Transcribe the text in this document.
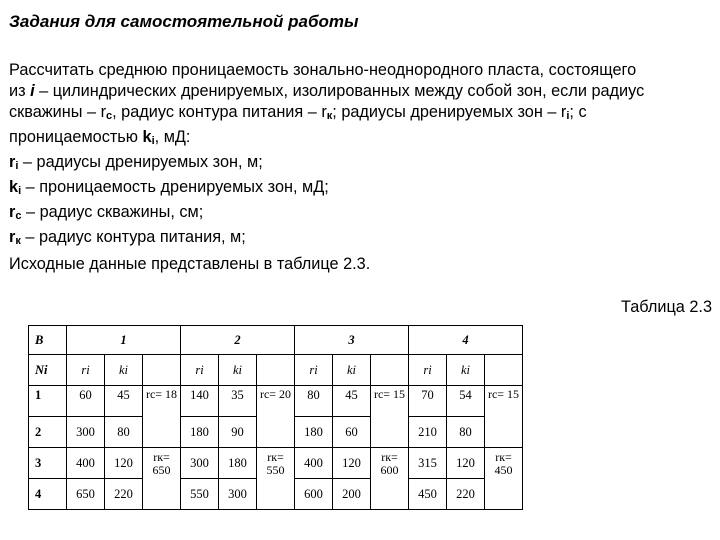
Задания для самостоятельной работы
Рассчитать среднюю проницаемость зонально-неоднородного пласта, состоящего
из i – цилиндрических дренируемых, изолированных между собой зон, если радиус
скважины – $r_c$, радиус контура питания – $r_к$; радиусы дренируемых зон – $r_i$; с
проницаемостью $k_i$, мД:
$r_i$ – радиусы дренируемых зон, м;
$k_i$ – проницаемость дренируемых зон, мД;
$r_c$ – радиус скважины, см;
$r_к$ – радиус контура питания, м;
Исходные данные представлены в таблице 2.3.
Таблица 2.3
В	1			2			3			4		
Ni	ri	ki		ri	ki		ri	ki		ri	ki	
1	60	45	rc= 18	140	35	rc= 20	80	45	rc= 15	70	54	rc= 15
2	300	80		180	90		180	60		210	80	
3	400	120	rк= 650	300	180	rк= 550	400	120	rк= 600	315	120	rк= 450
4	650	220		550	300		600	200		450	220	
